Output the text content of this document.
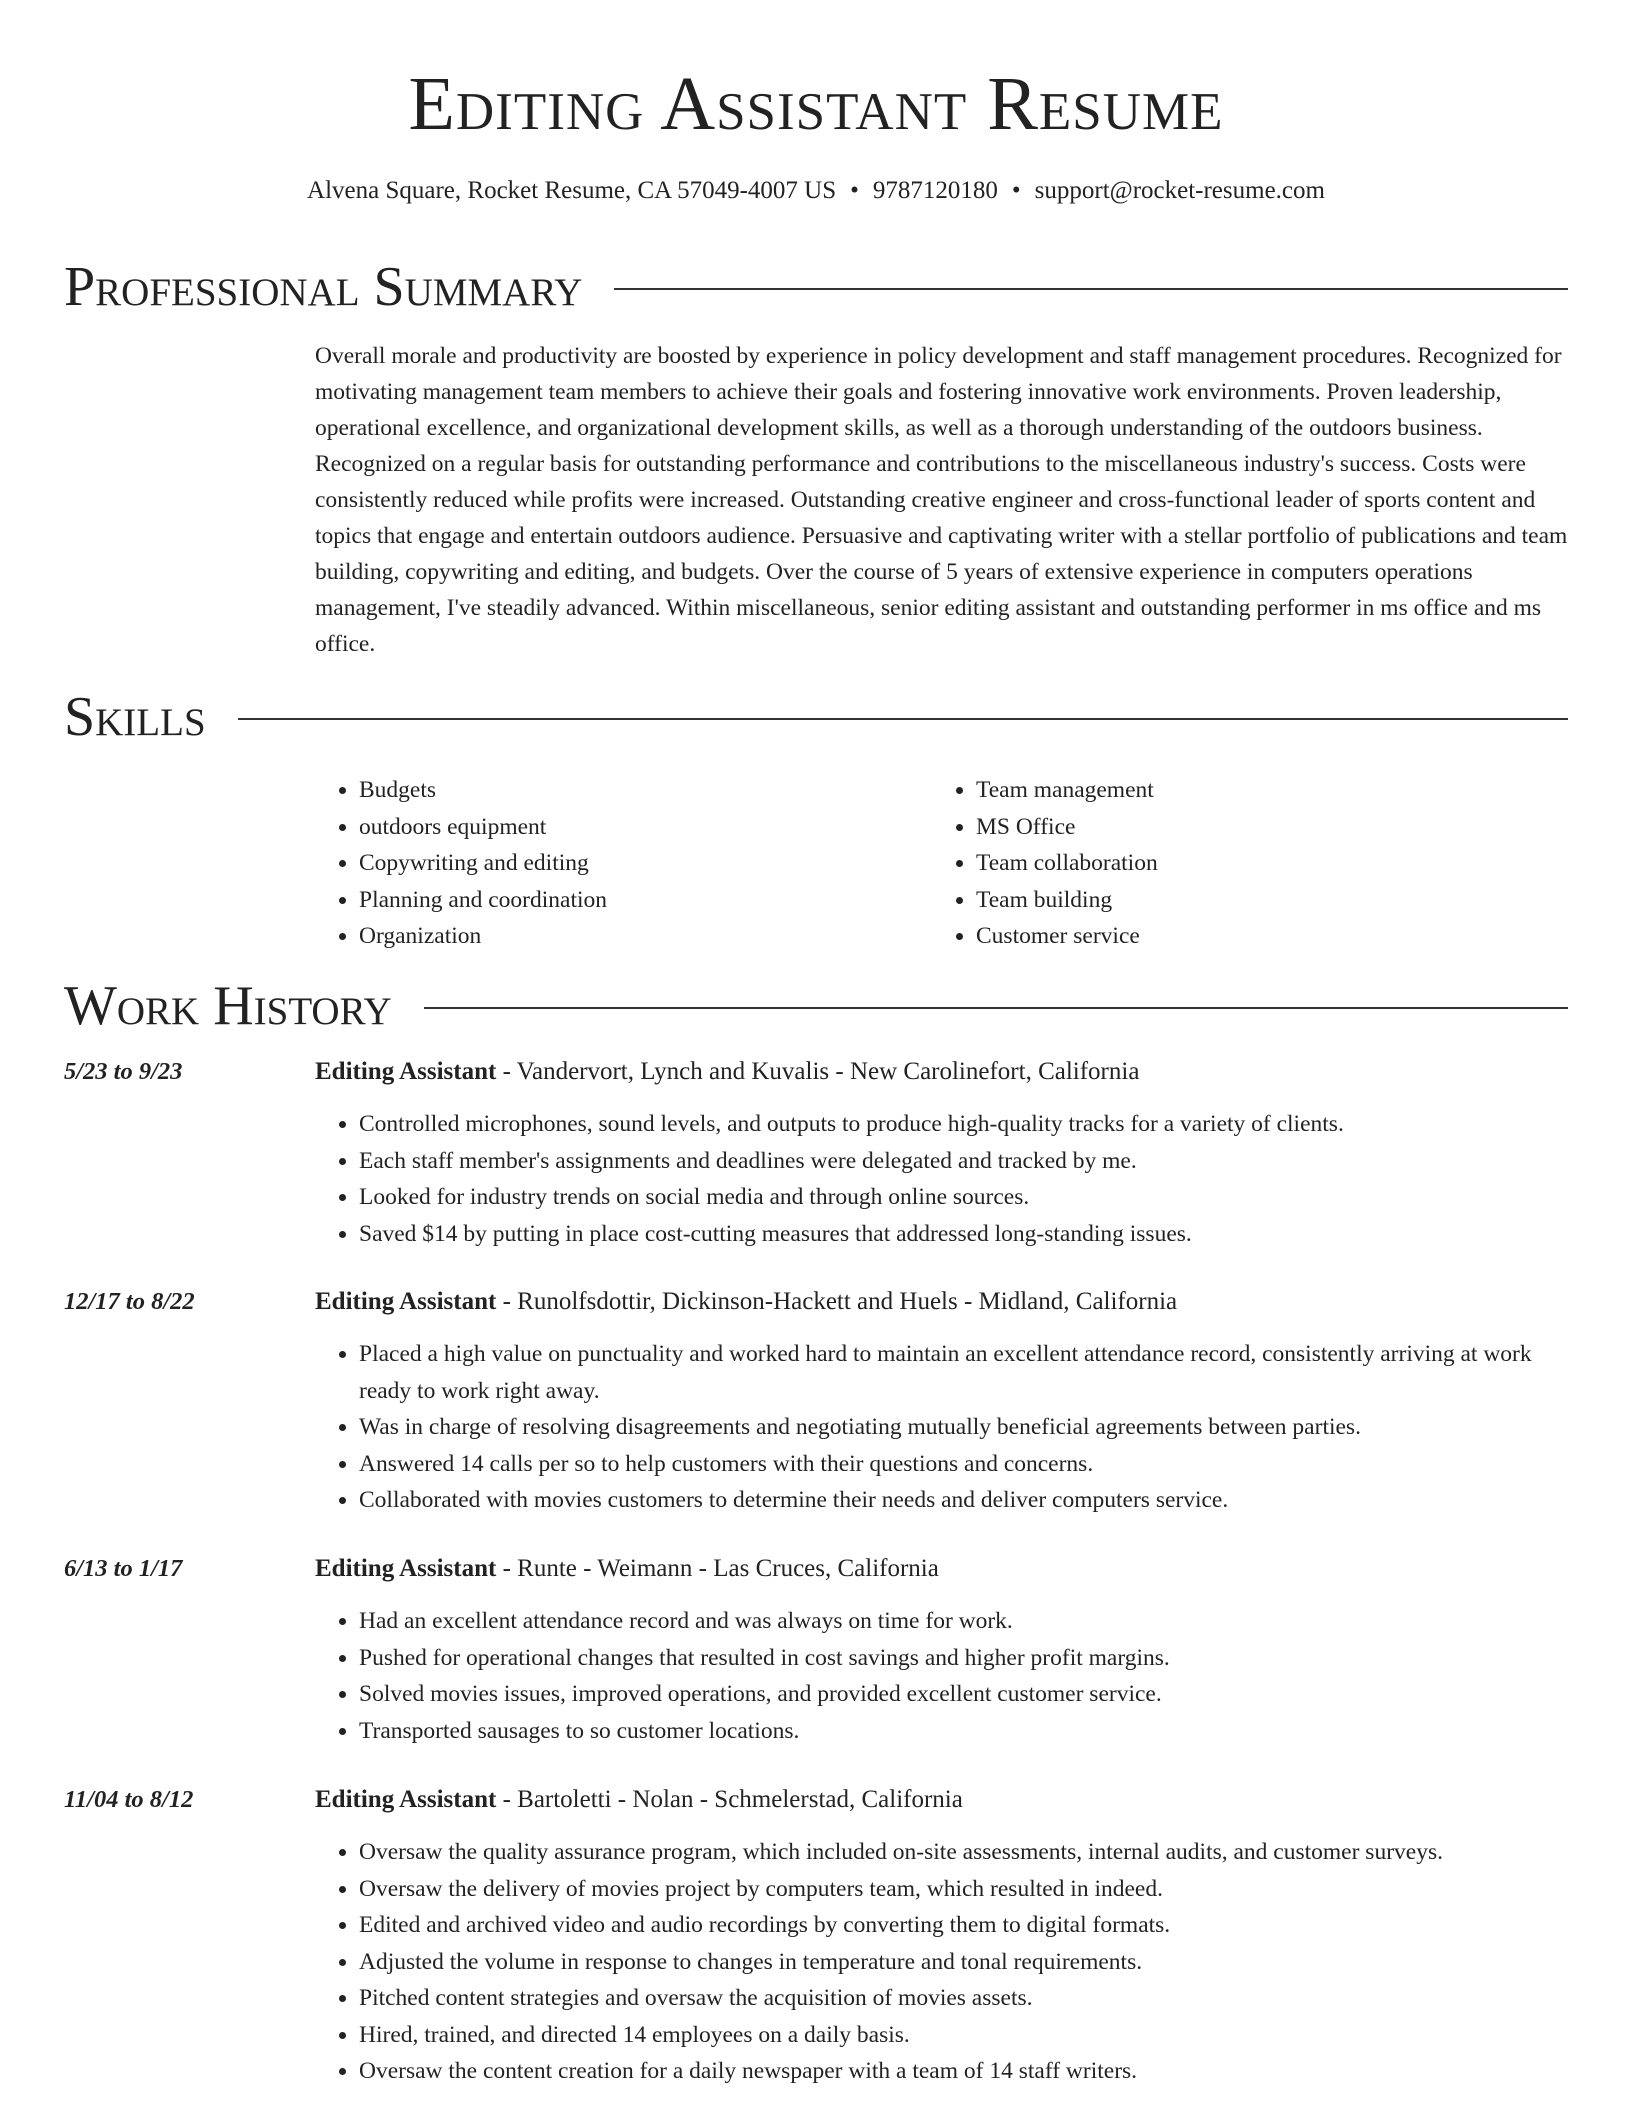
Editing Assistant Resume
Alvena Square, Rocket Resume, CA 57049-4007 US • 9787120180 • support@rocket-resume.com
Professional Summary

Overall morale and productivity are boosted by experience in policy development and staff management procedures. Recognized for motivating management team members to achieve their goals and fostering innovative work environments. Proven leadership, operational excellence, and organizational development skills, as well as a thorough understanding of the outdoors business. Recognized on a regular basis for outstanding performance and contributions to the miscellaneous industry's success. Costs were consistently reduced while profits were increased. Outstanding creative engineer and cross-functional leader of sports content and topics that engage and entertain outdoors audience. Persuasive and captivating writer with a stellar portfolio of publications and team building, copywriting and editing, and budgets. Over the course of 5 years of extensive experience in computers operations management, I've steadily advanced. Within miscellaneous, senior editing assistant and outstanding performer in ms office and ms office.

Skills
• Budgets
• outdoors equipment
• Copywriting and editing
• Planning and coordination
• Organization
• Team management
• MS Office
• Team collaboration
• Team building
• Customer service
Work History
5/23 to 9/23	Editing Assistant - Vandervort, Lynch and Kuvalis - New Carolinefort, California
• Controlled microphones, sound levels, and outputs to produce high-quality tracks for a variety of clients.
• Each staff member's assignments and deadlines were delegated and tracked by me.
• Looked for industry trends on social media and through online sources.
• Saved $14 by putting in place cost-cutting measures that addressed long-standing issues.
12/17 to 8/22	Editing Assistant - Runolfsdottir, Dickinson-Hackett and Huels - Midland, California
• Placed a high value on punctuality and worked hard to maintain an excellent attendance record, consistently arriving at work ready to work right away.
• Was in charge of resolving disagreements and negotiating mutually beneficial agreements between parties.
• Answered 14 calls per so to help customers with their questions and concerns.
• Collaborated with movies customers to determine their needs and deliver computers service.
6/13 to 1/17	Editing Assistant - Runte - Weimann - Las Cruces, California
• Had an excellent attendance record and was always on time for work.
• Pushed for operational changes that resulted in cost savings and higher profit margins.
• Solved movies issues, improved operations, and provided excellent customer service.
• Transported sausages to so customer locations.
11/04 to 8/12	Editing Assistant - Bartoletti - Nolan - Schmelerstad, California
• Oversaw the quality assurance program, which included on-site assessments, internal audits, and customer surveys.
• Oversaw the delivery of movies project by computers team, which resulted in indeed.
• Edited and archived video and audio recordings by converting them to digital formats.
• Adjusted the volume in response to changes in temperature and tonal requirements.
• Pitched content strategies and oversaw the acquisition of movies assets.
• Hired, trained, and directed 14 employees on a daily basis.
• Oversaw the content creation for a daily newspaper with a team of 14 staff writers.
